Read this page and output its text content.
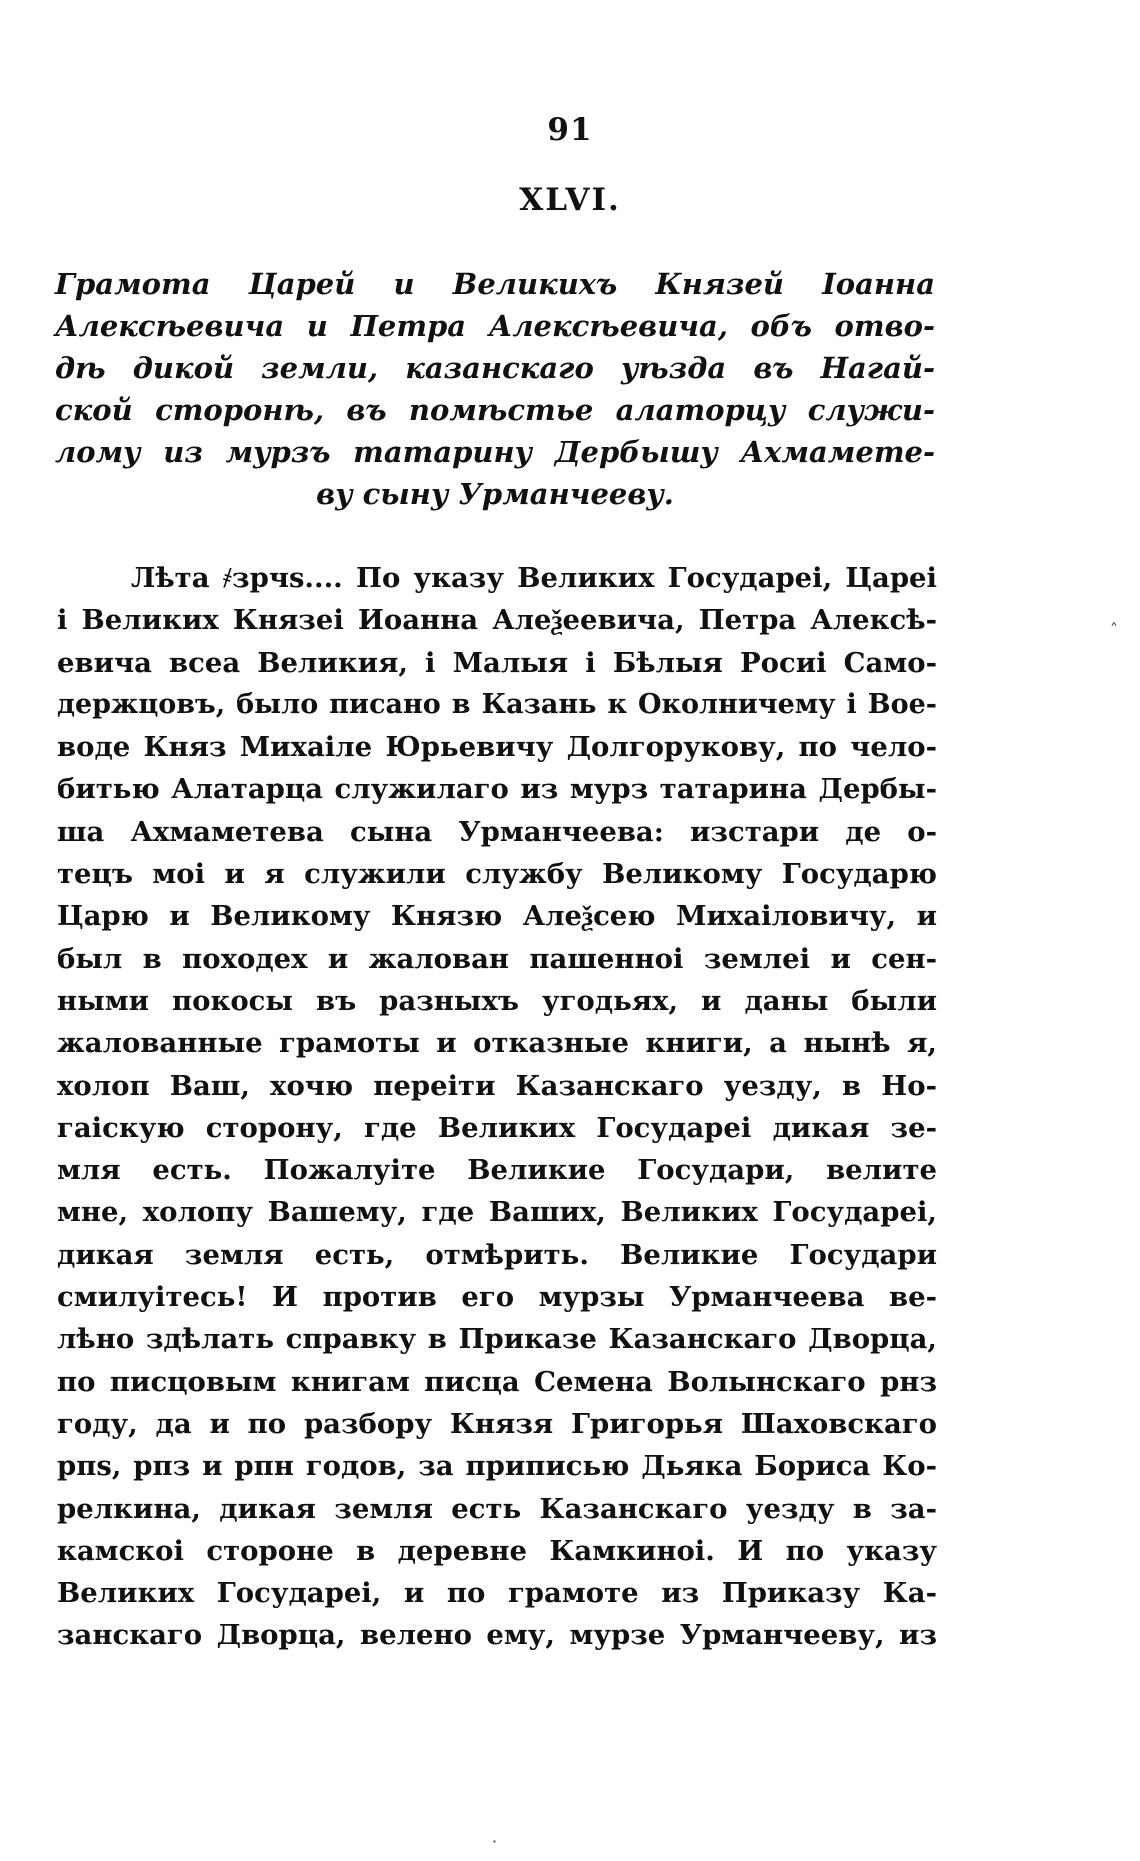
91
XLVI.
Грамота Царей и Великихъ Князей Іоанна
Алексѣевича и Петра Алексѣевича, объ отво-
дѣ дикой земли, казанскаго уѣзда въ Нагай-
ской сторонѣ, въ помѣстье алаторцу служи-
лому из мурзъ татарину Дербышу Ахмамете-
ву сыну Урманчееву.
Лѣта ҂зрчѕ.... По указу Великих Государеі, Цареі
і Великих Князеі Иоанна Алеѯеевича, Петра Алексѣ-
евича всеа Великия, і Малыя і Бѣлыя Росиі Само-
держцовъ, было писано в Казань к Околничему і Вое-
воде Княз Михаіле Юрьевичу Долгорукову, по чело-
битью Алатарца служилаго из мурз татарина Дербы-
ша Ахмаметева сына Урманчеева: изстари де о-
тецъ моі и я служили службу Великому Государю
Царю и Великому Князю Алеѯсею Михаіловичу, и
был в походех и жалован пашенноі землеі и сен-
ными покосы въ разныхъ угодьях, и даны были
жалованные грамоты и отказные книги, а нынѣ я,
холоп Ваш, хочю переіти Казанскаго уезду, в Но-
гаіскую сторону, где Великих Государеі дикая зе-
мля есть. Пожалуіте Великие Государи, велите
мне, холопу Вашему, где Ваших, Великих Государеі,
дикая земля есть, отмѣрить. Великие Государи
смилуітесь! И против его мурзы Урманчеева ве-
лѣно здѣлать справку в Приказе Казанскаго Дворца,
по писцовым книгам писца Семена Волынскаго рнз
году, да и по разбору Князя Григорья Шаховскаго
рпѕ, рпз и рпн годов, за приписью Дьяка Бориса Ко-
релкина, дикая земля есть Казанскаго уезду в за-
камскоі стороне в деревне Камкиноі. И по указу
Великих Государеі, и по грамоте из Приказу Ка-
занскаго Дворца, велено ему, мурзе Урманчееву, из
˄
·
